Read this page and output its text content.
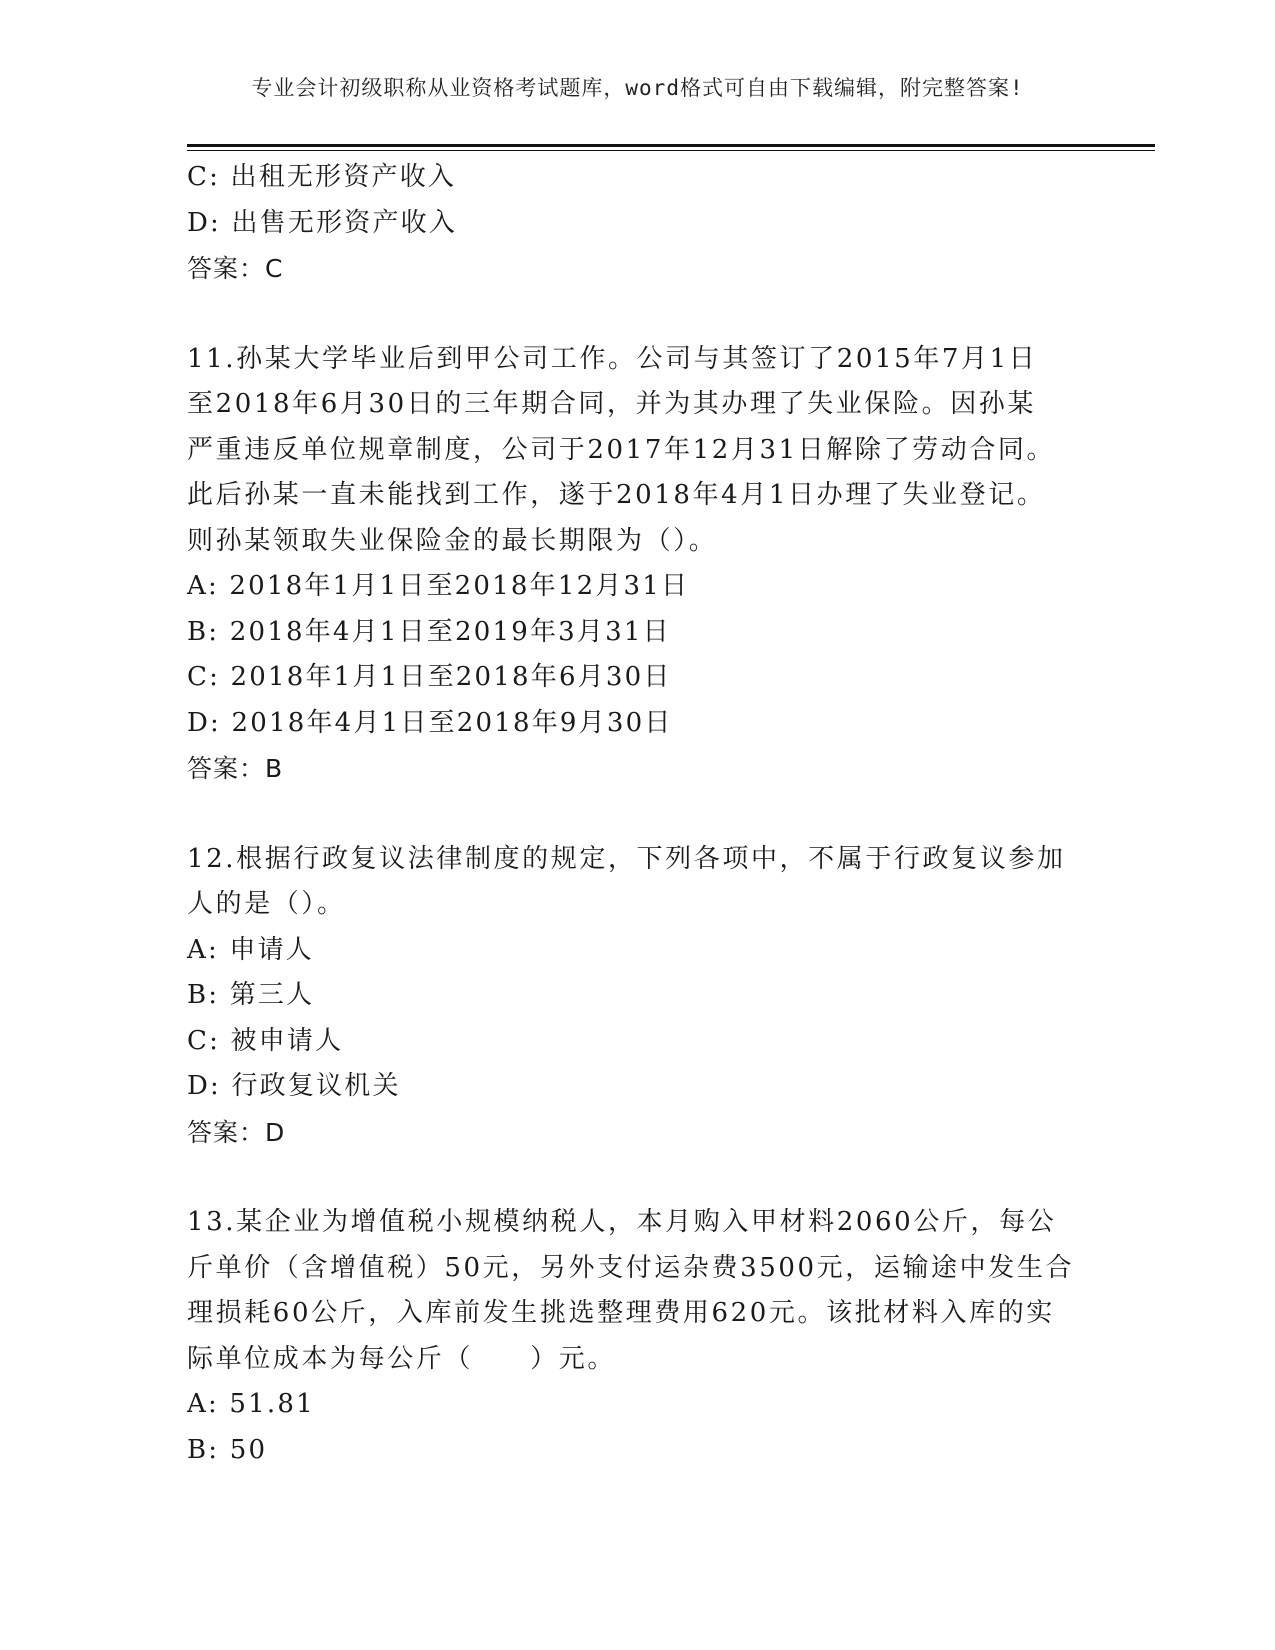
专业会计初级职称从业资格考试题库，word格式可自由下载编辑，附完整答案!
C: 出租无形资产收入
D: 出售无形资产收入
答案：C
11.孙某大学毕业后到甲公司工作。公司与其签订了2015年7月1日
至2018年6月30日的三年期合同，并为其办理了失业保险。因孙某
严重违反单位规章制度，公司于2017年12月31日解除了劳动合同。
此后孙某一直未能找到工作，遂于2018年4月1日办理了失业登记。
则孙某领取失业保险金的最长期限为（）。
A: 2018年1月1日至2018年12月31日
B: 2018年4月1日至2019年3月31日
C: 2018年1月1日至2018年6月30日
D: 2018年4月1日至2018年9月30日
答案：B
12.根据行政复议法律制度的规定，下列各项中，不属于行政复议参加
人的是（）。
A: 申请人
B: 第三人
C: 被申请人
D: 行政复议机关
答案：D
13.某企业为增值税小规模纳税人，本月购入甲材料2060公斤，每公
斤单价（含增值税）50元，另外支付运杂费3500元，运输途中发生合
理损耗60公斤，入库前发生挑选整理费用620元。该批材料入库的实
际单位成本为每公斤（　　）元。
A: 51.81
B: 50
